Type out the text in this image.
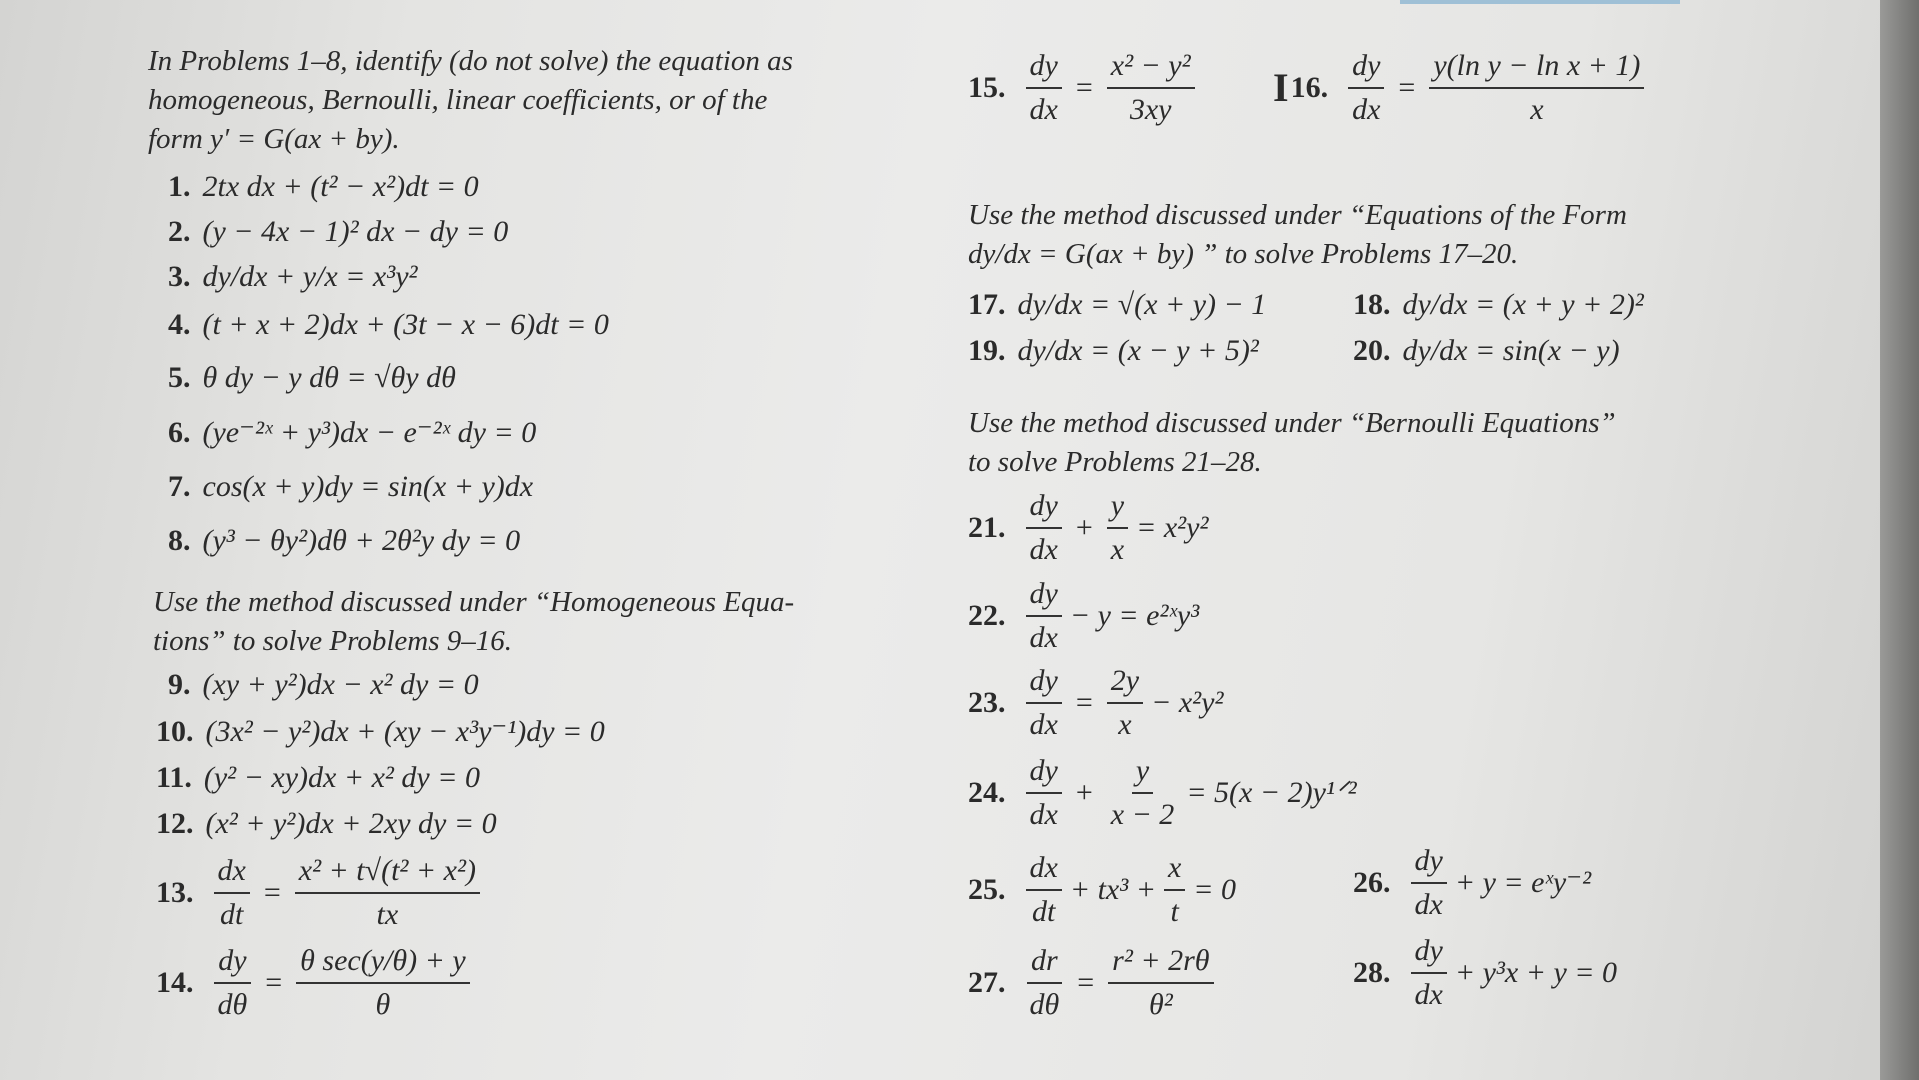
In Problems 1–8, identify (do not solve) the equation as
homogeneous, Bernoulli, linear coefficients, or of the
form y′ = G(ax + by).
1. 2tx dx + (t² − x²)dt = 0
2. (y − 4x − 1)² dx − dy = 0
3. dy/dx + y/x = x³y²
4. (t + x + 2)dx + (3t − x − 6)dt = 0
5. θ dy − y dθ = √θy dθ
6. (ye⁻²ˣ + y³)dx − e⁻²ˣ dy = 0
7. cos(x + y)dy = sin(x + y)dx
8. (y³ − θy²)dθ + 2θ²y dy = 0
Use the method discussed under “Homogeneous Equa-
tions” to solve Problems 9–16.
9. (xy + y²)dx − x² dy = 0
10. (3x² − y²)dx + (xy − x³y⁻¹)dy = 0
11. (y² − xy)dx + x² dy = 0
12. (x² + y²)dx + 2xy dy = 0
13. $\frac{dx}{dt} = \frac{\text{x² + t√(t² + x²)}}{tx}$
14. $\frac{dy}{d\theta} = \frac{\text{θ sec(y/θ) + y}}{\theta}$
15. $\frac{dy}{dx} = \frac{\text{x² − y²}}{3xy}$ I 16. $\frac{dy}{dx} = \frac{\text{y(ln y − ln x + 1)}}{x}$
Use the method discussed under “Equations of the Form
dy/dx = G(ax + by) ” to solve Problems 17–20.
17. dy/dx = √(x + y) − 1	18. dy/dx = (x + y + 2)²
19. dy/dx = (x − y + 5)²	20. dy/dx = sin(x − y)
Use the method discussed under “Bernoulli Equations”
to solve Problems 21–28.
21. $\frac{dy}{dx} + \frac{y}{x} = x^2y^2$
22. $\frac{dy}{dx} - y$ = e²ˣy³
23. $\frac{dy}{dx} = \frac{2y}{x} - x^2y^2$
24. $\frac{dy}{dx} + \frac{y}{x - 2} = 5(x$ − 2)y¹ᐟ²
25. $\frac{dx}{dt} + tx^3 + \frac{x}{t} = 0$	26. $\frac{dy}{dx} + y$ = eˣy⁻²
27. $\frac{dr}{d\theta} = \frac{\text{r² + 2rθ}}{\text{θ²}}$	28. $\frac{dy}{dx} + y^3x + y = 0$
